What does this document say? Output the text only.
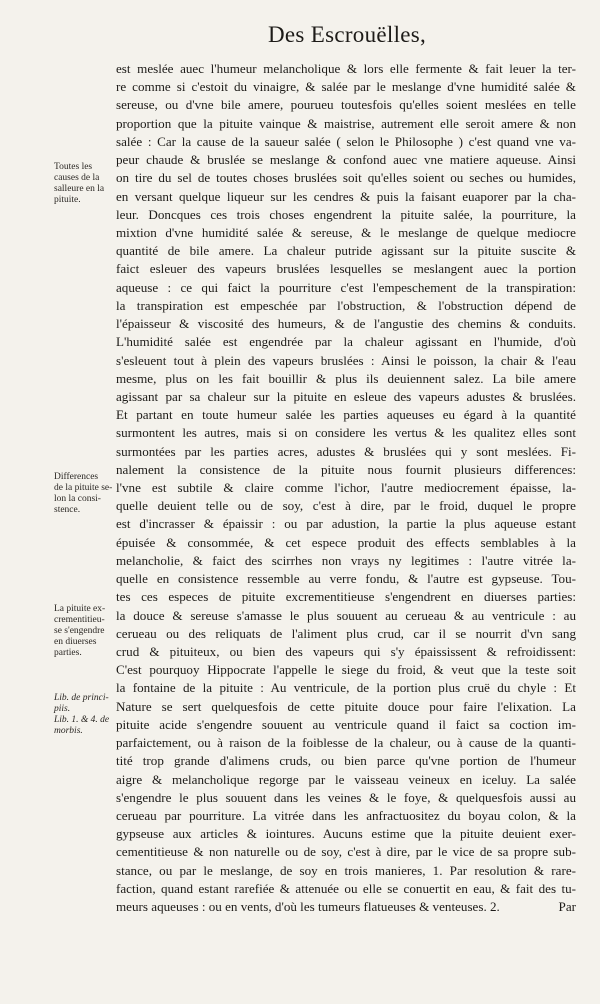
Des Escrouëlles,
Toutes les
causes de la
salleure en la
pituite.
Differences
de la pituite se-
lon la consi-
stence.
La pituite ex-
crementitieu-
se s'engendre
en diuerses
parties.
Lib. de princi-
piis.
Lib. 1. & 4. de
morbis.
est meslée auec l'humeur melancholique & lors elle fermente & fait leuer la ter-
re comme si c'estoit du vinaigre, & salée par le meslange d'vne humidité salée &
sereuse, ou d'vne bile amere, pourueu toutesfois qu'elles soient meslées en telle
proportion que la pituite vainque & maistrise, autrement elle seroit amere & non
salée : Car la cause de la saueur salée ( selon le Philosophe ) c'est quand vne va-
peur chaude & bruslée se meslange & confond auec vne matiere aqueuse. Ainsi
on tire du sel de toutes choses bruslées soit qu'elles soient ou seches ou humides,
en versant quelque liqueur sur les cendres & puis la faisant euaporer par la cha-
leur. Doncques ces trois choses engendrent la pituite salée, la pourriture, la
mixtion d'vne humidité salée & sereuse, & le meslange de quelque mediocre
quantité de bile amere. La chaleur putride agissant sur la pituite suscite &
faict esleuer des vapeurs bruslées lesquelles se meslangent auec la portion
aqueuse : ce qui faict la pourriture c'est l'empeschement de la transpiration:
la transpiration est empeschée par l'obstruction, & l'obstruction dépend de
l'épaisseur & viscosité des humeurs, & de l'angustie des chemins & conduits.
L'humidité salée est engendrée par la chaleur agissant en l'humide, d'où
s'esleuent tout à plein des vapeurs bruslées : Ainsi le poisson, la chair & l'eau
mesme, plus on les fait bouillir & plus ils deuiennent salez. La bile amere
agissant par sa chaleur sur la pituite en esleue des vapeurs adustes & bruslées.
Et partant en toute humeur salée les parties aqueuses eu égard à la quantité
surmontent les autres, mais si on considere les vertus & les qualitez elles sont
surmontées par les parties acres, adustes & bruslées qui y sont meslées. Fi-
nalement la consistence de la pituite nous fournit plusieurs differences:
l'vne est subtile & claire comme l'ichor, l'autre mediocrement épaisse, la-
quelle deuient telle ou de soy, c'est à dire, par le froid, duquel le propre
est d'incrasser & épaissir : ou par adustion, la partie la plus aqueuse estant
épuisée & consommée, & cet espece produit des effects semblables à la
melancholie, & faict des scirrhes non vrays ny legitimes : l'autre vitrée la-
quelle en consistence ressemble au verre fondu, & l'autre est gypseuse. Tou-
tes ces especes de pituite excrementitieuse s'engendrent en diuerses parties:
la douce & sereuse s'amasse le plus souuent au cerueau & au ventricule : au
cerueau ou des reliquats de l'aliment plus crud, car il se nourrit d'vn sang
crud & pituiteux, ou bien des vapeurs qui s'y épaississent & refroidissent:
C'est pourquoy Hippocrate l'appelle le siege du froid, & veut que la teste soit
la fontaine de la pituite : Au ventricule, de la portion plus cruë du chyle : Et
Nature se sert quelquesfois de cette pituite douce pour faire l'elixation. La
pituite acide s'engendre souuent au ventricule quand il faict sa coction im-
parfaictement, ou à raison de la foiblesse de la chaleur, ou à cause de la quanti-
tité trop grande d'alimens cruds, ou bien parce qu'vne portion de l'humeur
aigre & melancholique regorge par le vaisseau veineux en iceluy. La salée
s'engendre le plus souuent dans les veines & le foye, & quelquesfois aussi au
cerueau par pourriture. La vitrée dans les anfractuositez du boyau colon, & la
gypseuse aux articles & iointures. Aucuns estime que la pituite deuient exer-
cementitieuse & non naturelle ou de soy, c'est à dire, par le vice de sa propre sub-
stance, ou par le meslange, de soy en trois manieres, 1. Par resolution & rare-
faction, quand estant rarefiée & attenuée ou elle se conuertit en eau, & fait des tu-
meurs aqueuses : ou en vents, d'où les tumeurs flatueuses & venteuses. 2.	Par
